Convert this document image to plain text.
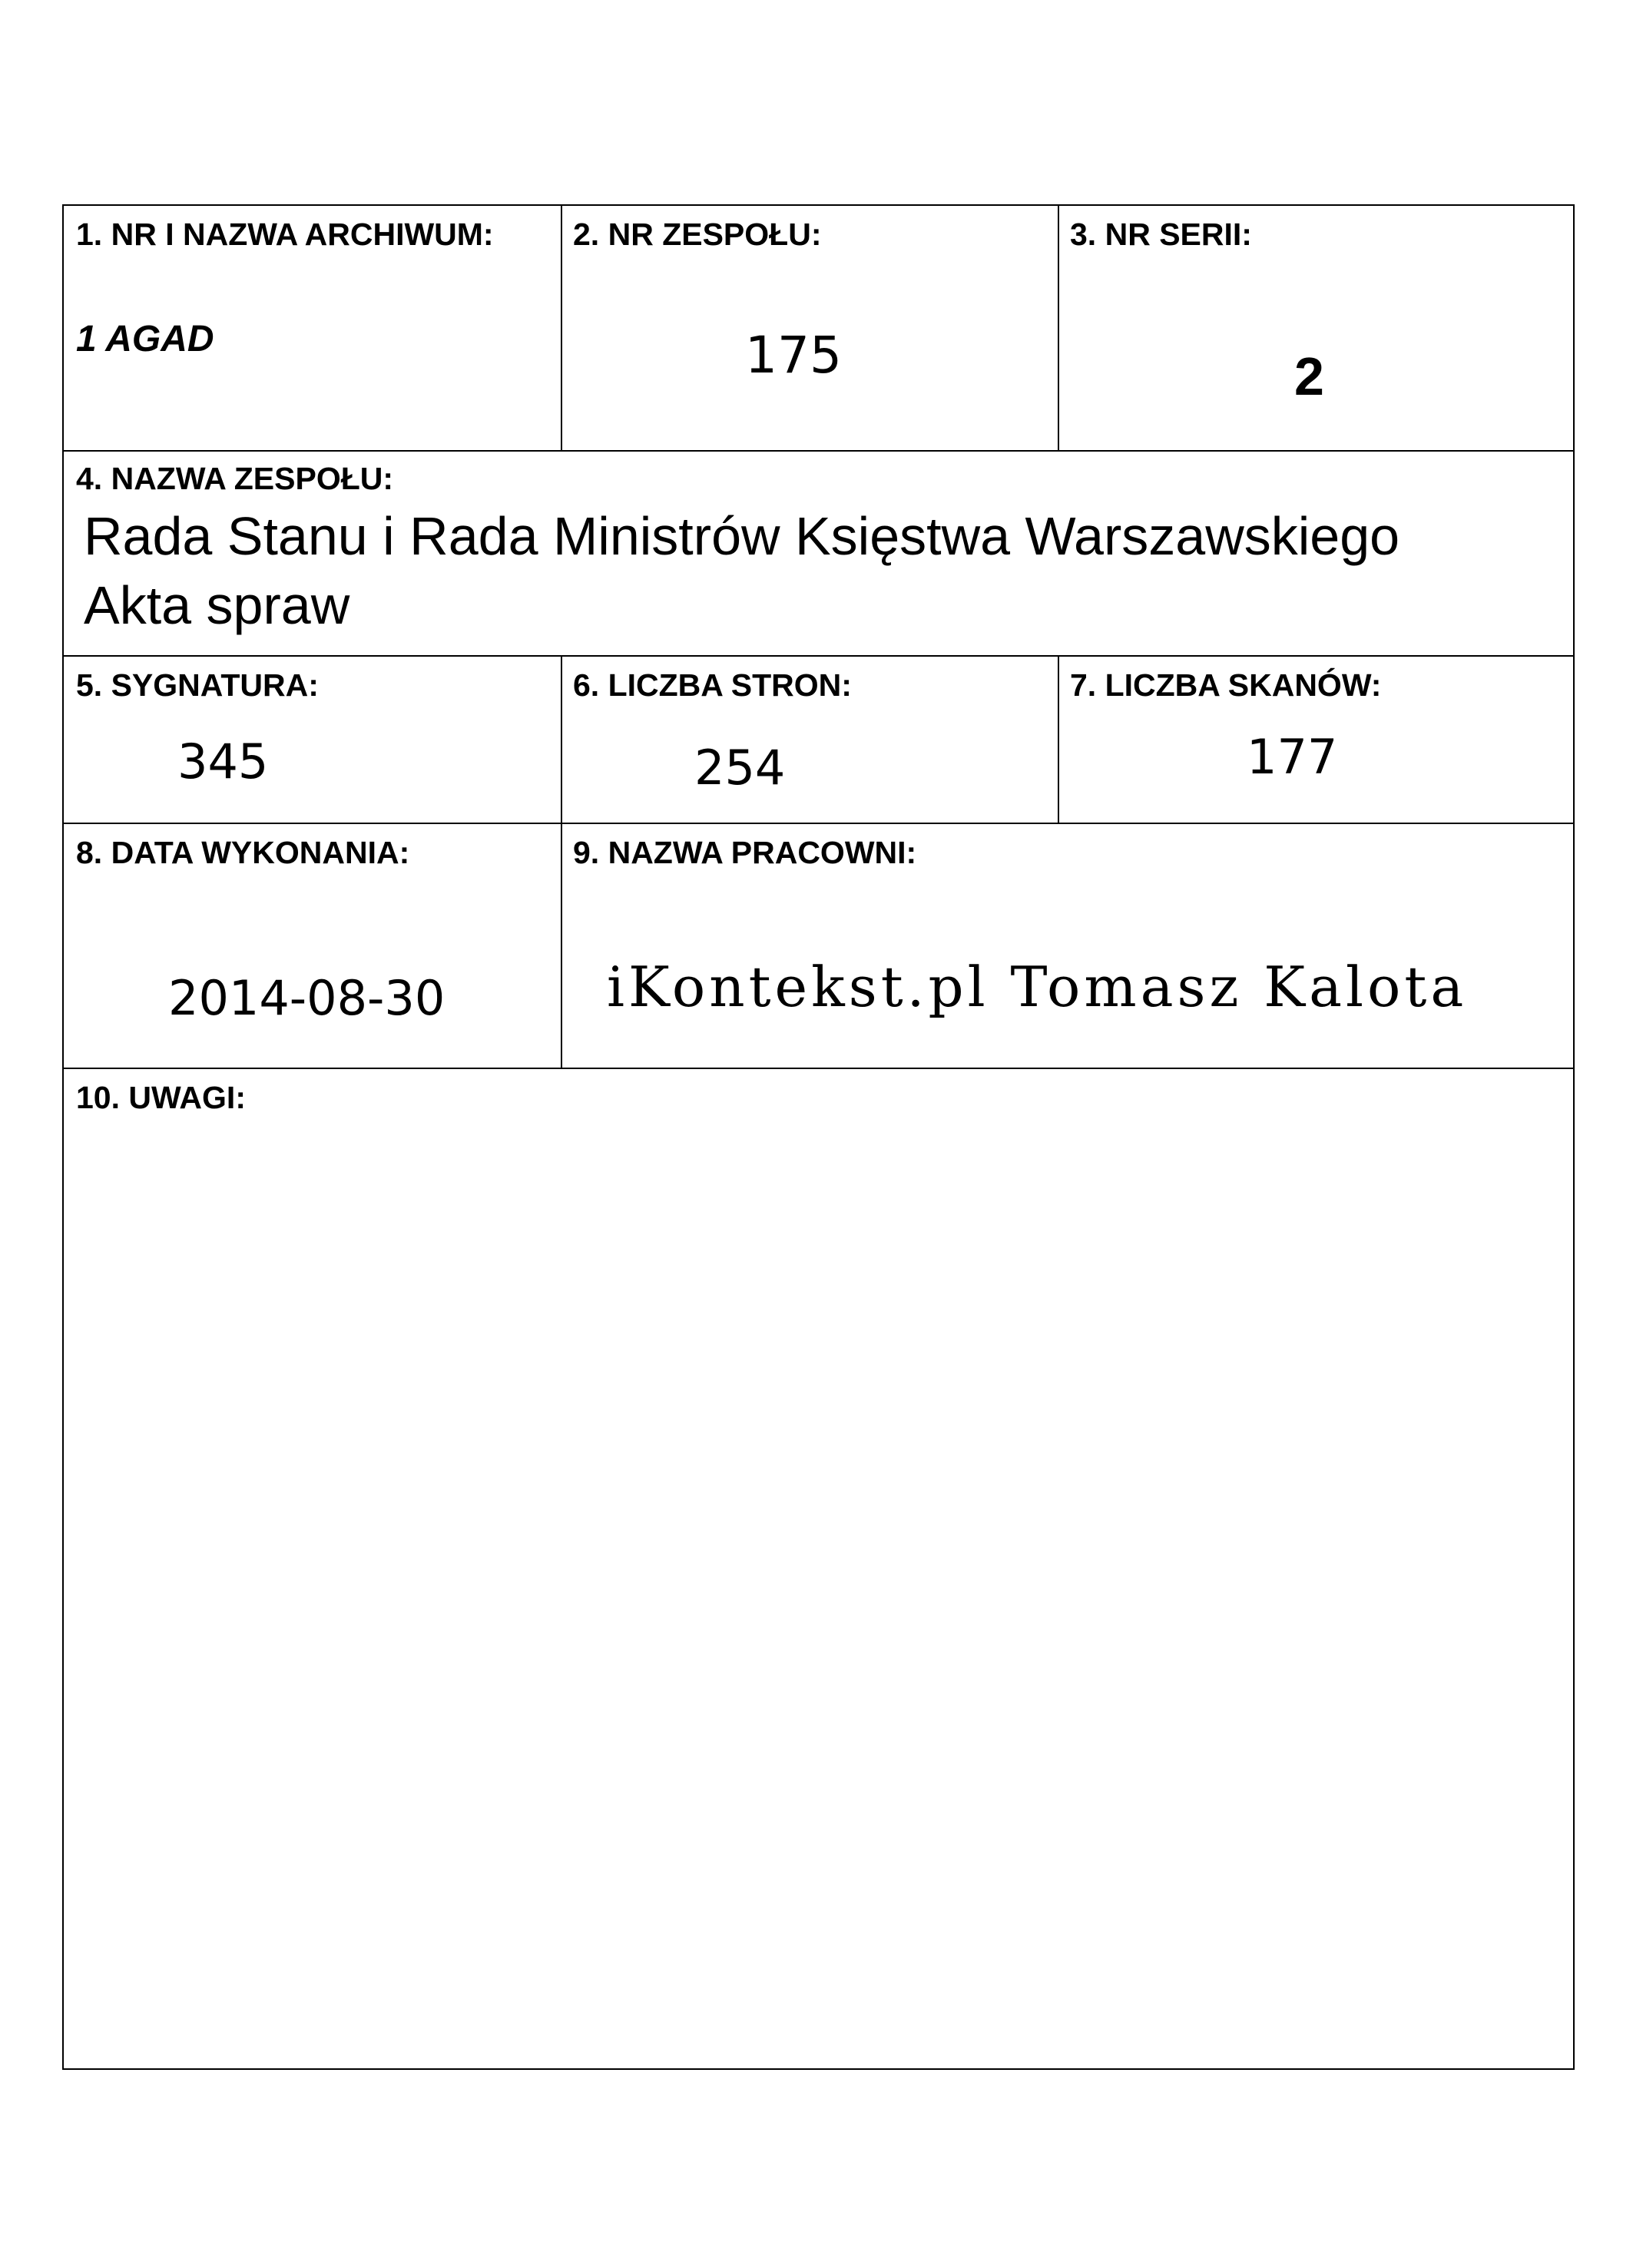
1. NR I NAZWA ARCHIWUM:
1 AGAD
2. NR ZESPOŁU:
175
3. NR SERII:
2
4. NAZWA ZESPOŁU:
Rada Stanu i Rada Ministrów Księstwa Warszawskiego
Akta spraw
5. SYGNATURA:
345
6. LICZBA STRON:
254
7. LICZBA SKANÓW:
177
8. DATA WYKONANIA:
2014-08-30
9. NAZWA PRACOWNI:
iKontekst.pl Tomasz Kalota
10. UWAGI:
